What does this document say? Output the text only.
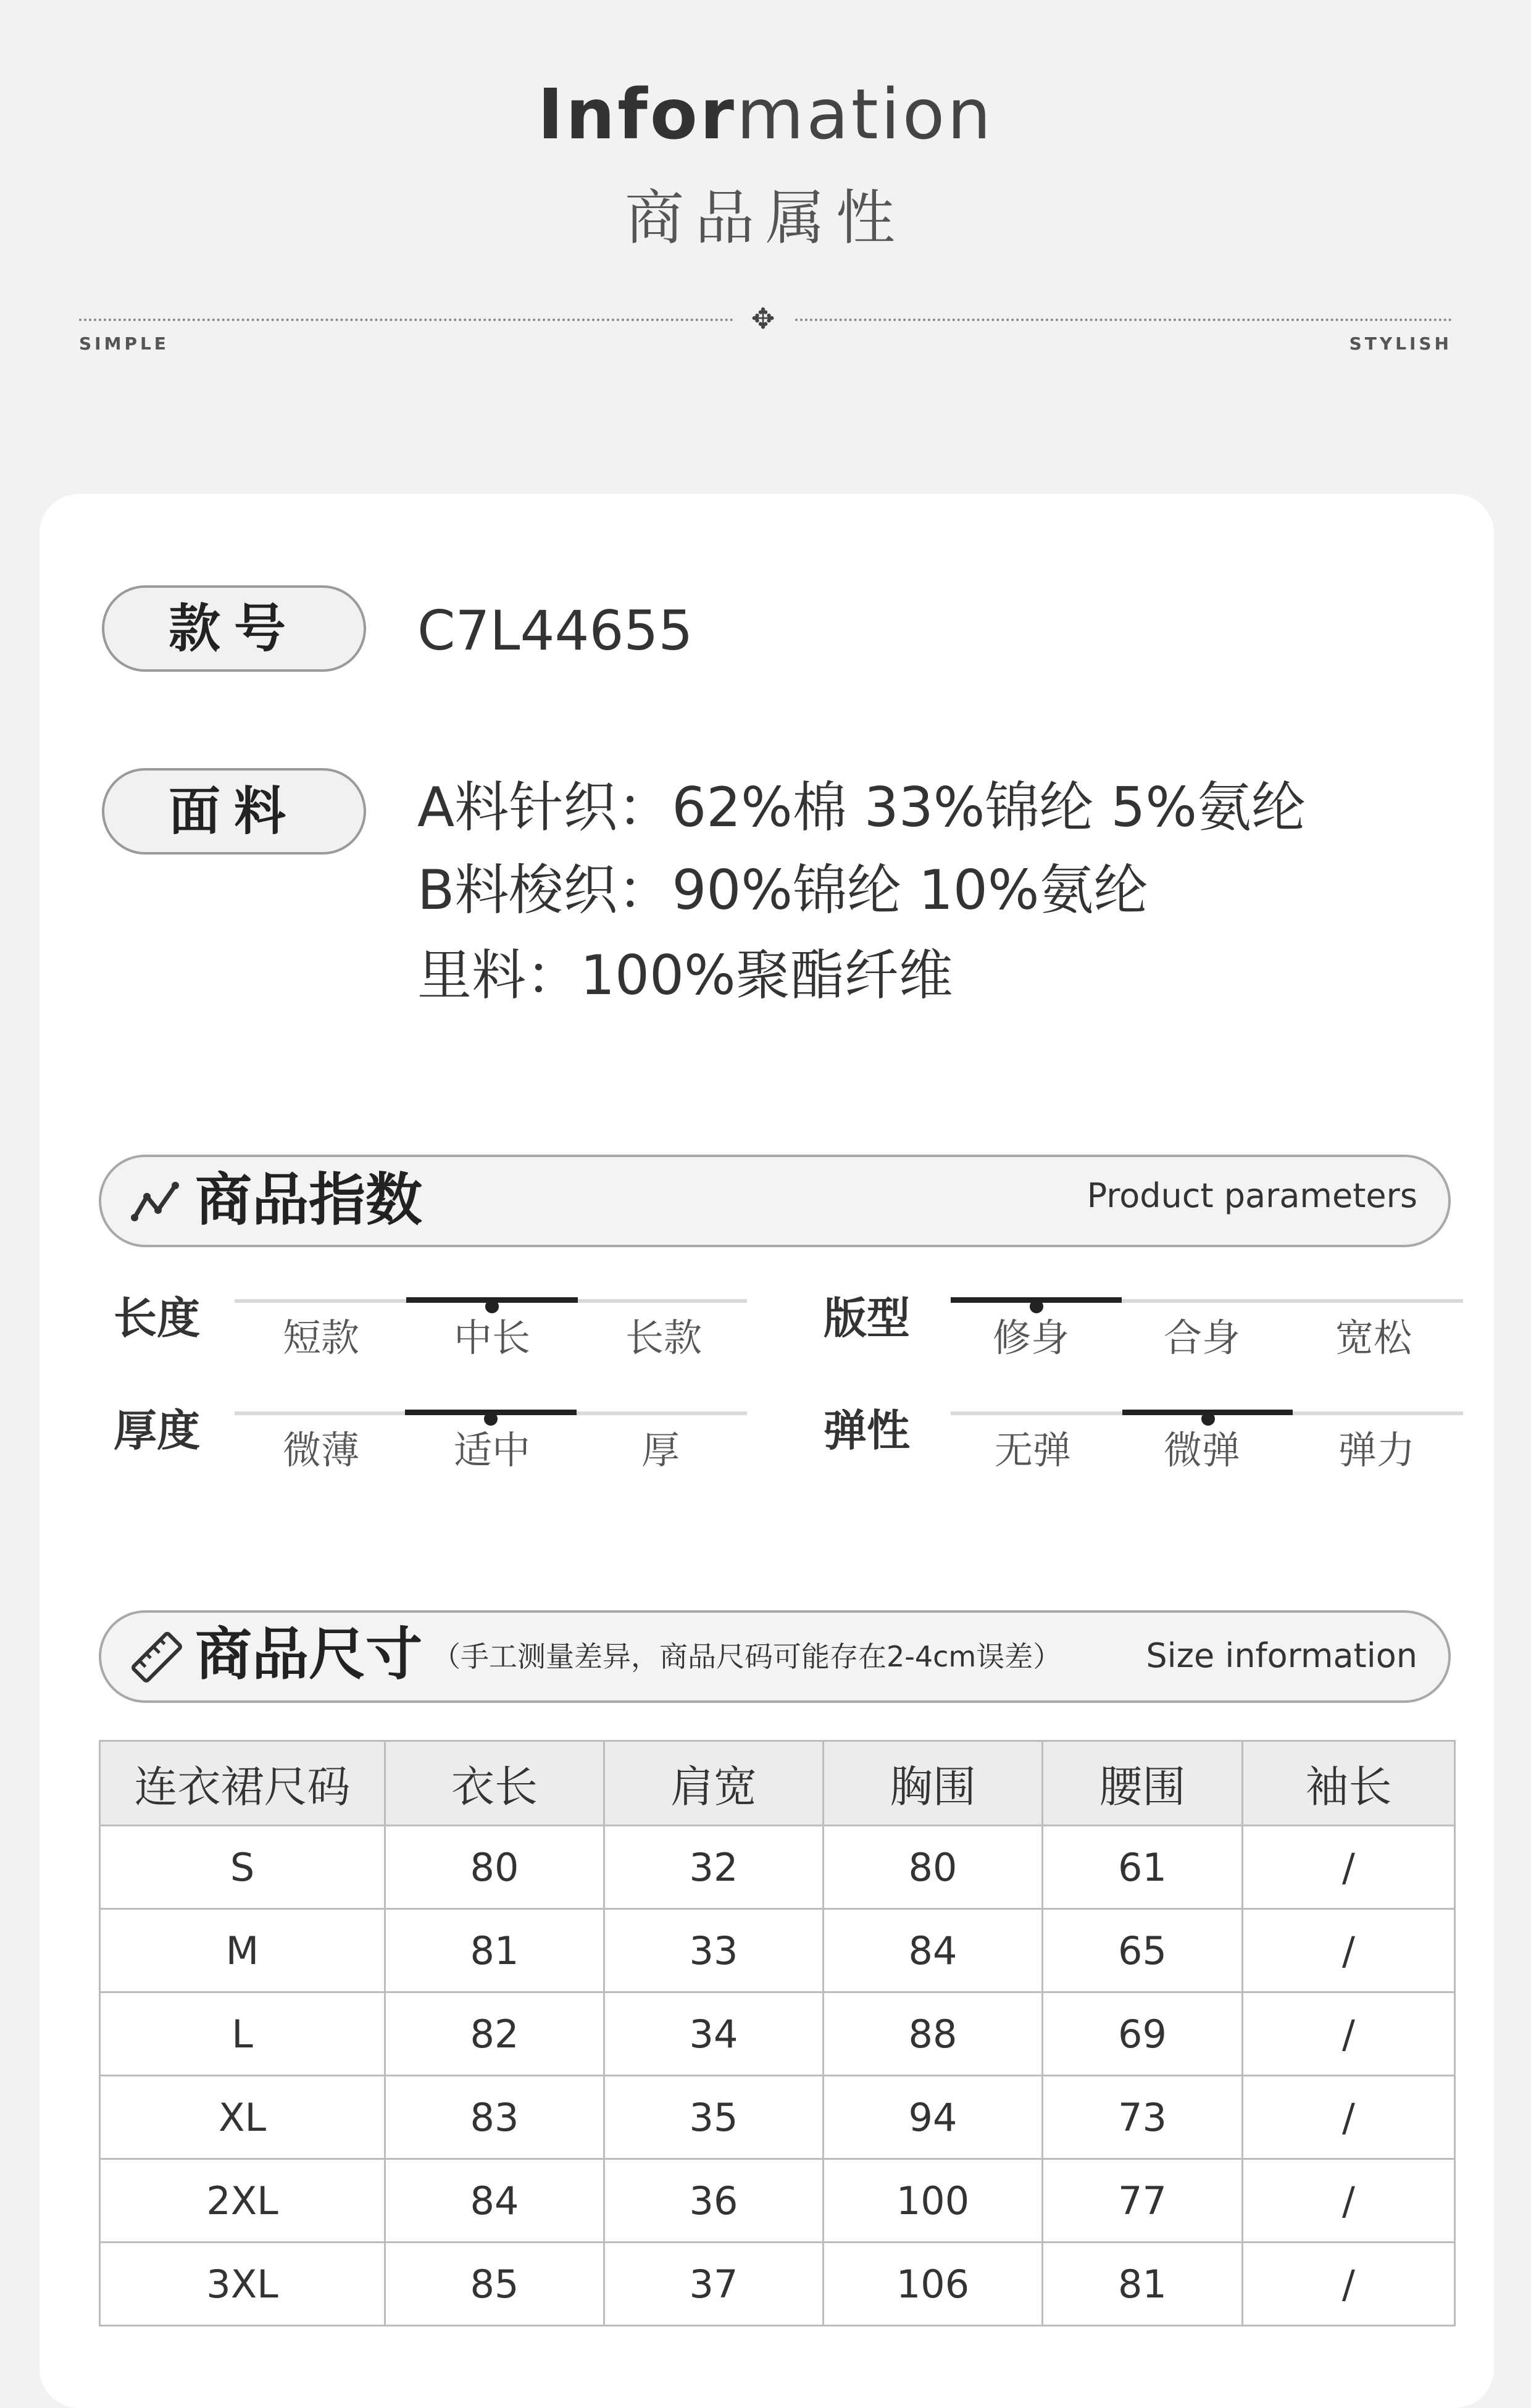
Information
商品属性
✥
SIMPLE	STYLISH
款号	C7L44655
面料	A料针织：62%棉 33%锦纶 5%氨纶
B料梭织：90%锦纶 10%氨纶
里料：100%聚酯纤维
商品指数	Product parameters
长度	短款	中长	长款	版型	修身	合身	宽松
厚度	微薄	适中	厚	弹性	无弹	微弹	弹力
商品尺寸 （手工测量差异，商品尺码可能存在2-4cm误差）	Size information
连衣裙尺码	衣长	肩宽	胸围	腰围	袖长
S	80	32	80	61	/
M	81	33	84	65	/
L	82	34	88	69	/
XL	83	35	94	73	/
2XL	84	36	100	77	/
3XL	85	37	106	81	/
